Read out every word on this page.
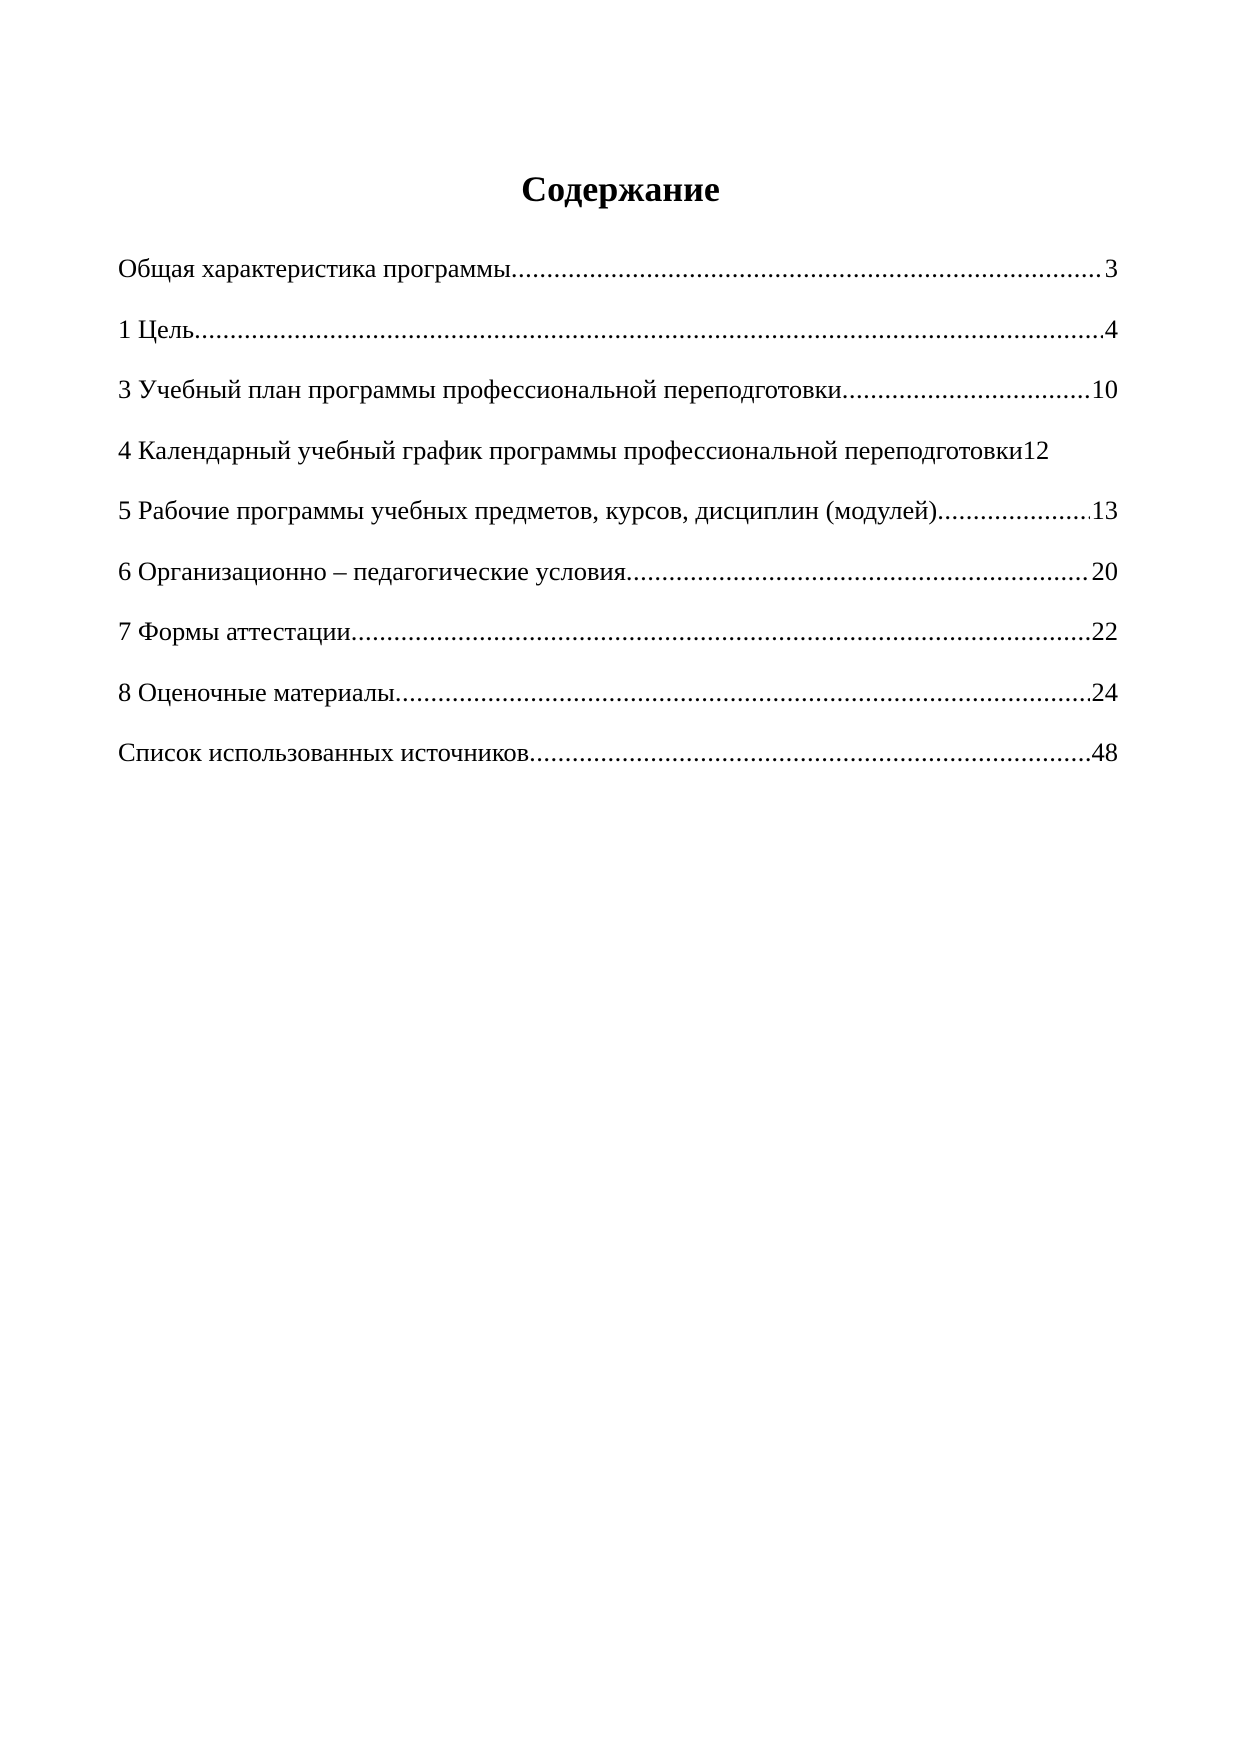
Содержание
Общая характеристика программы .....	3
1 Цель .....	4
3 Учебный план программы профессиональной переподготовки .....	10
4 Календарный учебный график программы профессиональной переподготовки 12
5 Рабочие программы учебных предметов, курсов, дисциплин (модулей) .....	13
6 Организационно – педагогические условия .....	20
7 Формы аттестации .....	22
8 Оценочные материалы .....	24
Список использованных источников .....	48
